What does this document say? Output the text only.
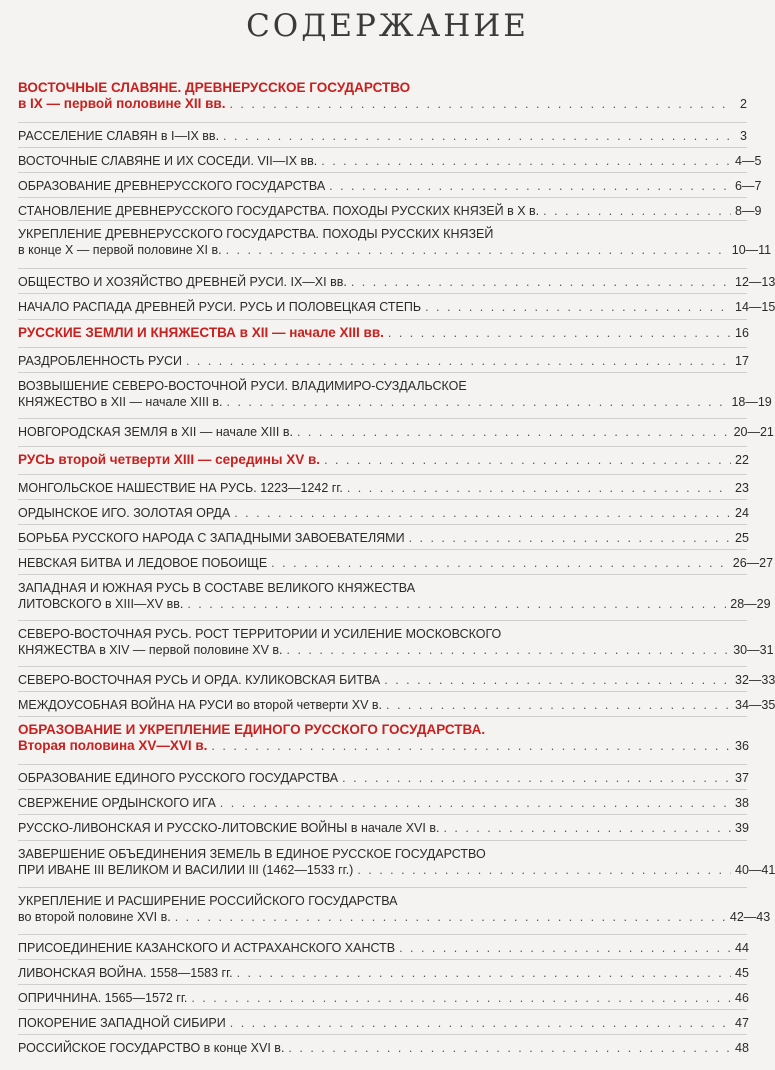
СОДЕРЖАНИЕ
ВОСТОЧНЫЕ СЛАВЯНЕ. ДРЕВНЕРУССКОЕ ГОСУДАРСТВО
в IX — первой половине XII вв. . . .	2
РАССЕЛЕНИЕ СЛАВЯН в I—IX вв. . . .	3
ВОСТОЧНЫЕ СЛАВЯНЕ И ИХ СОСЕДИ. VII—IX вв. . . .	4—5
ОБРАЗОВАНИЕ ДРЕВНЕРУССКОГО ГОСУДАРСТВА . . .	6—7
СТАНОВЛЕНИЕ ДРЕВНЕРУССКОГО ГОСУДАРСТВА. ПОХОДЫ РУССКИХ КНЯЗЕЙ в X в. . . .	8—9
УКРЕПЛЕНИЕ ДРЕВНЕРУССКОГО ГОСУДАРСТВА. ПОХОДЫ РУССКИХ КНЯЗЕЙ
в конце X — первой половине XI в. . . .	10—11
ОБЩЕСТВО И ХОЗЯЙСТВО ДРЕВНЕЙ РУСИ. IX—XI вв. . . .	12—13
НАЧАЛО РАСПАДА ДРЕВНЕЙ РУСИ. РУСЬ И ПОЛОВЕЦКАЯ СТЕПЬ . . .	14—15
РУССКИЕ ЗЕМЛИ И КНЯЖЕСТВА в XII — начале XIII вв. . . .	16
РАЗДРОБЛЕННОСТЬ РУСИ . . .	17
ВОЗВЫШЕНИЕ СЕВЕРО-ВОСТОЧНОЙ РУСИ. ВЛАДИМИРО-СУЗДАЛЬСКОЕ
КНЯЖЕСТВО в XII — начале XIII в. . . .	18—19
НОВГОРОДСКАЯ ЗЕМЛЯ в XII — начале XIII в. . . .	20—21
РУСЬ второй четверти XIII — середины XV в. . . .	22
МОНГОЛЬСКОЕ НАШЕСТВИЕ НА РУСЬ. 1223—1242 гг. . . .	23
ОРДЫНСКОЕ ИГО. ЗОЛОТАЯ ОРДА . . .	24
БОРЬБА РУССКОГО НАРОДА С ЗАПАДНЫМИ ЗАВОЕВАТЕЛЯМИ . . .	25
НЕВСКАЯ БИТВА И ЛЕДОВОЕ ПОБОИЩЕ . . .	26—27
ЗАПАДНАЯ И ЮЖНАЯ РУСЬ В СОСТАВЕ ВЕЛИКОГО КНЯЖЕСТВА
ЛИТОВСКОГО в XIII—XV вв. . . .	28—29
СЕВЕРО-ВОСТОЧНАЯ РУСЬ. РОСТ ТЕРРИТОРИИ И УСИЛЕНИЕ МОСКОВСКОГО
КНЯЖЕСТВА в XIV — первой половине XV в. . . .	30—31
СЕВЕРО-ВОСТОЧНАЯ РУСЬ И ОРДА. КУЛИКОВСКАЯ БИТВА . . .	32—33
МЕЖДОУСОБНАЯ ВОЙНА НА РУСИ во второй четверти XV в. . . .	34—35
ОБРАЗОВАНИЕ И УКРЕПЛЕНИЕ ЕДИНОГО РУССКОГО ГОСУДАРСТВА.
Вторая половина XV—XVI в. . . .	36
ОБРАЗОВАНИЕ ЕДИНОГО РУССКОГО ГОСУДАРСТВА . . .	37
СВЕРЖЕНИЕ ОРДЫНСКОГО ИГА . . .	38
РУССКО-ЛИВОНСКАЯ И РУССКО-ЛИТОВСКИЕ ВОЙНЫ в начале XVI в. . . .	39
ЗАВЕРШЕНИЕ ОБЪЕДИНЕНИЯ ЗЕМЕЛЬ В ЕДИНОЕ РУССКОЕ ГОСУДАРСТВО
ПРИ ИВАНЕ III ВЕЛИКОМ И ВАСИЛИИ III (1462—1533 гг.) . . .	40—41
УКРЕПЛЕНИЕ И РАСШИРЕНИЕ РОССИЙСКОГО ГОСУДАРСТВА
во второй половине XVI в. . . .	42—43
ПРИСОЕДИНЕНИЕ КАЗАНСКОГО И АСТРАХАНСКОГО ХАНСТВ . . .	44
ЛИВОНСКАЯ ВОЙНА. 1558—1583 гг. . . .	45
ОПРИЧНИНА. 1565—1572 гг. . . .	46
ПОКОРЕНИЕ ЗАПАДНОЙ СИБИРИ . . .	47
РОССИЙСКОЕ ГОСУДАРСТВО в конце XVI в. . . .	48
